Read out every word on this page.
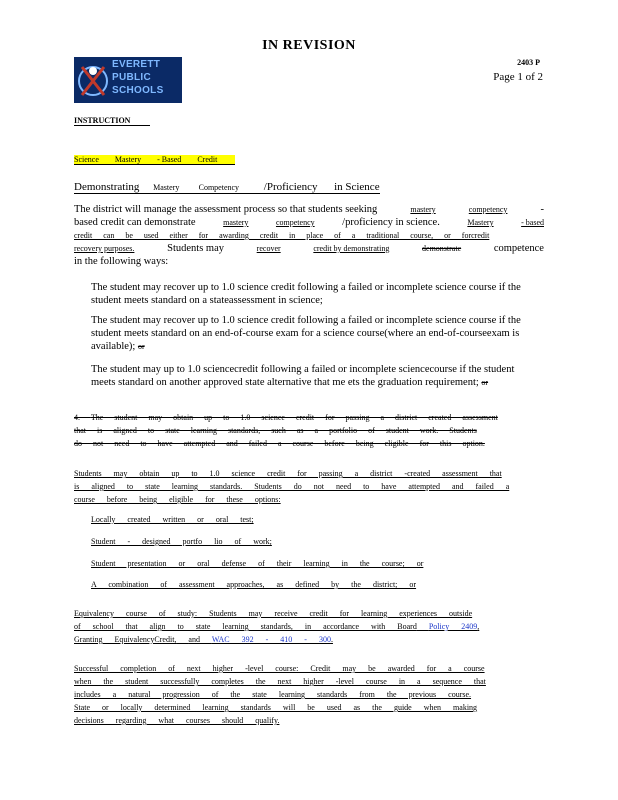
IN REVISION
EVERETT
PUBLIC
SCHOOLS
2403 P
Page 1 of 2
INSTRUCTION
Science Mastery - Based Credit
Demonstrating Mastery Competency /Proficiency in Science
The district will manage the assessment process so that students seeking	mastery	competency	-
based credit can demonstrate	mastery	competency	/proficiency in science.	Mastery	- based
credit can be used either for awarding credit in place of a traditional course, or forcredit
recovery purposes.	Students may	recover	credit by demonstrating	demonstrate	competence
in the following ways:
The student may recover up to 1.0 science credit following a failed or incomplete science course if the student meets standard on a stateassessment in science;
The student may recover up to 1.0 science credit following a failed or incomplete science course if the student meets standard on an end-of-course exam for a science course(where an end-of-courseexam is available); or
The student may up to 1.0 sciencecredit following a failed or incomplete sciencecourse if the student meets standard on another approved state alternative that me ets the graduation requirement; or
4. The student may obtain up to 1.0 science credit for passing a district created assessment
that is aligned to state learning standards, such as a portfolio of student work. Students
do not need to have attempted and failed a course before being eligible for this option.
Students may obtain up to 1.0 science credit for passing a district -created assessment that
is aligned to state learning standards. Students do not need to have attempted and failed a
course before being eligible for these options:
Locally created written or oral test;
Student - designed portfo lio of work;
Student presentation or oral defense of their learning in the course; or
A combination of assessment approaches, as defined by the district; or
Equivalency course of study: Students may receive credit for learning experiences outside
of school that align to state learning standards, in accordance with Board Policy 2409,
Granting EquivalencyCredit, and WAC 392 - 410 - 300.
Successful completion of next higher -level course: Credit may be awarded for a course
when the student successfully completes the next higher -level course in a sequence that
includes a natural progression of the state learning standards from the previous course.
State or locally determined learning standards will be used as the guide when making
decisions regarding what courses should qualify.
